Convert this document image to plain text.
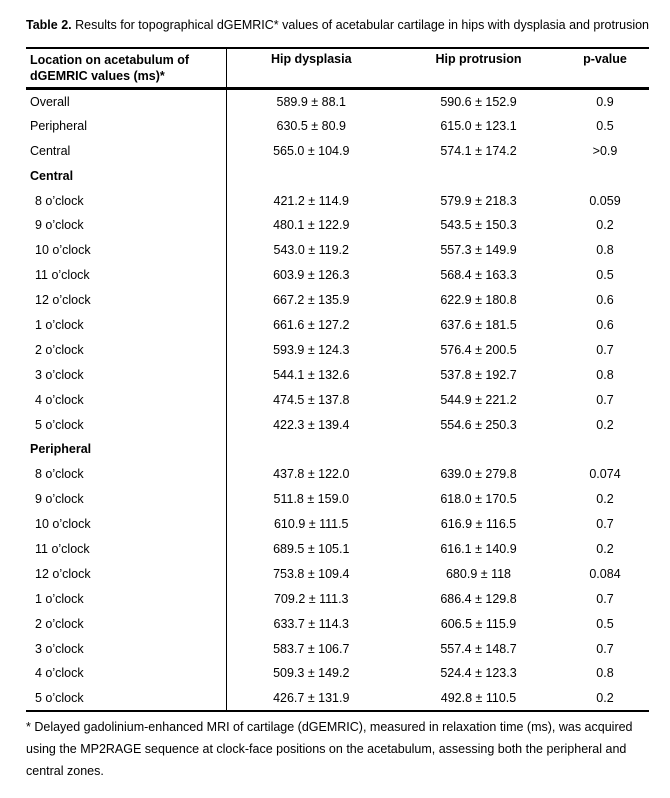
Table 2. Results for topographical dGEMRIC* values of acetabular cartilage in hips with dysplasia and protrusion
Location on acetabulum of dGEMRIC values (ms)*	Hip dysplasia	Hip protrusion	p-value
Overall	589.9 ± 88.1	590.6 ± 152.9	0.9
Peripheral	630.5 ± 80.9	615.0 ± 123.1	0.5
Central	565.0 ± 104.9	574.1 ± 174.2	>0.9
Central			
8 o’clock	421.2 ± 114.9	579.9 ± 218.3	0.059
9 o’clock	480.1 ± 122.9	543.5 ± 150.3	0.2
10 o’clock	543.0 ± 119.2	557.3 ± 149.9	0.8
11 o’clock	603.9 ± 126.3	568.4 ± 163.3	0.5
12 o’clock	667.2 ± 135.9	622.9 ± 180.8	0.6
1 o’clock	661.6 ± 127.2	637.6 ± 181.5	0.6
2 o’clock	593.9 ± 124.3	576.4 ± 200.5	0.7
3 o’clock	544.1 ± 132.6	537.8 ± 192.7	0.8
4 o’clock	474.5 ± 137.8	544.9 ± 221.2	0.7
5 o’clock	422.3 ± 139.4	554.6 ± 250.3	0.2
Peripheral			
8 o’clock	437.8 ± 122.0	639.0 ± 279.8	0.074
9 o’clock	511.8 ± 159.0	618.0 ± 170.5	0.2
10 o’clock	610.9 ± 111.5	616.9 ± 116.5	0.7
11 o’clock	689.5 ± 105.1	616.1 ± 140.9	0.2
12 o’clock	753.8 ± 109.4	680.9 ± 118	0.084
1 o’clock	709.2 ± 111.3	686.4 ± 129.8	0.7
2 o’clock	633.7 ± 114.3	606.5 ± 115.9	0.5
3 o’clock	583.7 ± 106.7	557.4 ± 148.7	0.7
4 o’clock	509.3 ± 149.2	524.4 ± 123.3	0.8
5 o’clock	426.7 ± 131.9	492.8 ± 110.5	0.2
* Delayed gadolinium-enhanced MRI of cartilage (dGEMRIC), measured in relaxation time (ms), was acquired using the MP2RAGE sequence at clock-face positions on the acetabulum, assessing both the peripheral and central zones.
